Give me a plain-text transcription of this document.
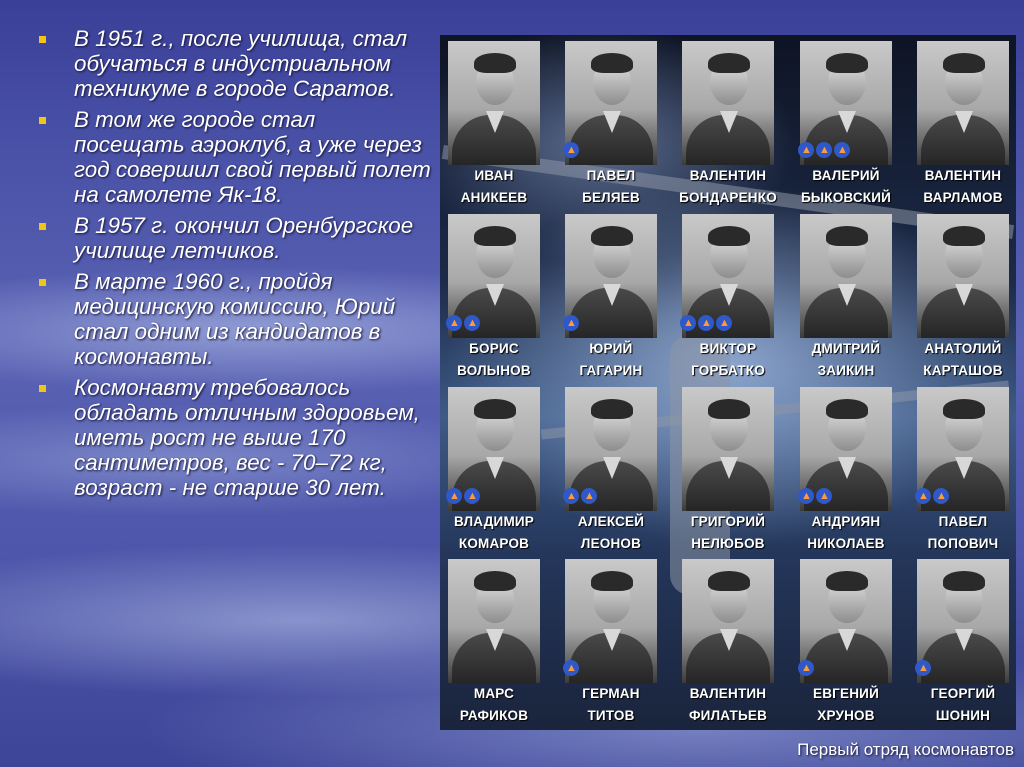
В 1951 г., после училища, стал обучаться в индустриальном техникуме в городе Саратов.
В том же городе стал посещать аэроклуб, а уже через год совершил свой первый полет на самолете Як-18.
В 1957 г. окончил Оренбургское училище летчиков.
В марте 1960 г., пройдя медицинскую комиссию, Юрий стал одним из кандидатов в космонавты.
Космонавту требовалось обладать отличным здоровьем, иметь рост не выше 170 сантиметров, вес - 70–72 кг, возраст - не старше 30 лет.
ИВАН
АНИКЕЕВ
▲
ПАВЕЛ
БЕЛЯЕВ
ВАЛЕНТИН
БОНДАРЕНКО
▲ ▲ ▲
ВАЛЕРИЙ
БЫКОВСКИЙ
ВАЛЕНТИН
ВАРЛАМОВ
▲ ▲
БОРИС
ВОЛЫНОВ
▲
ЮРИЙ
ГАГАРИН
▲ ▲ ▲
ВИКТОР
ГОРБАТКО
ДМИТРИЙ
ЗАИКИН
АНАТОЛИЙ
КАРТАШОВ
▲ ▲
ВЛАДИМИР
КОМАРОВ
▲ ▲
АЛЕКСЕЙ
ЛЕОНОВ
ГРИГОРИЙ
НЕЛЮБОВ
▲ ▲
АНДРИЯН
НИКОЛАЕВ
▲ ▲
ПАВЕЛ
ПОПОВИЧ
МАРС
РАФИКОВ
▲
ГЕРМАН
ТИТОВ
ВАЛЕНТИН
ФИЛАТЬЕВ
▲
ЕВГЕНИЙ
ХРУНОВ
▲
ГЕОРГИЙ
ШОНИН
Первый отряд космонавтов
